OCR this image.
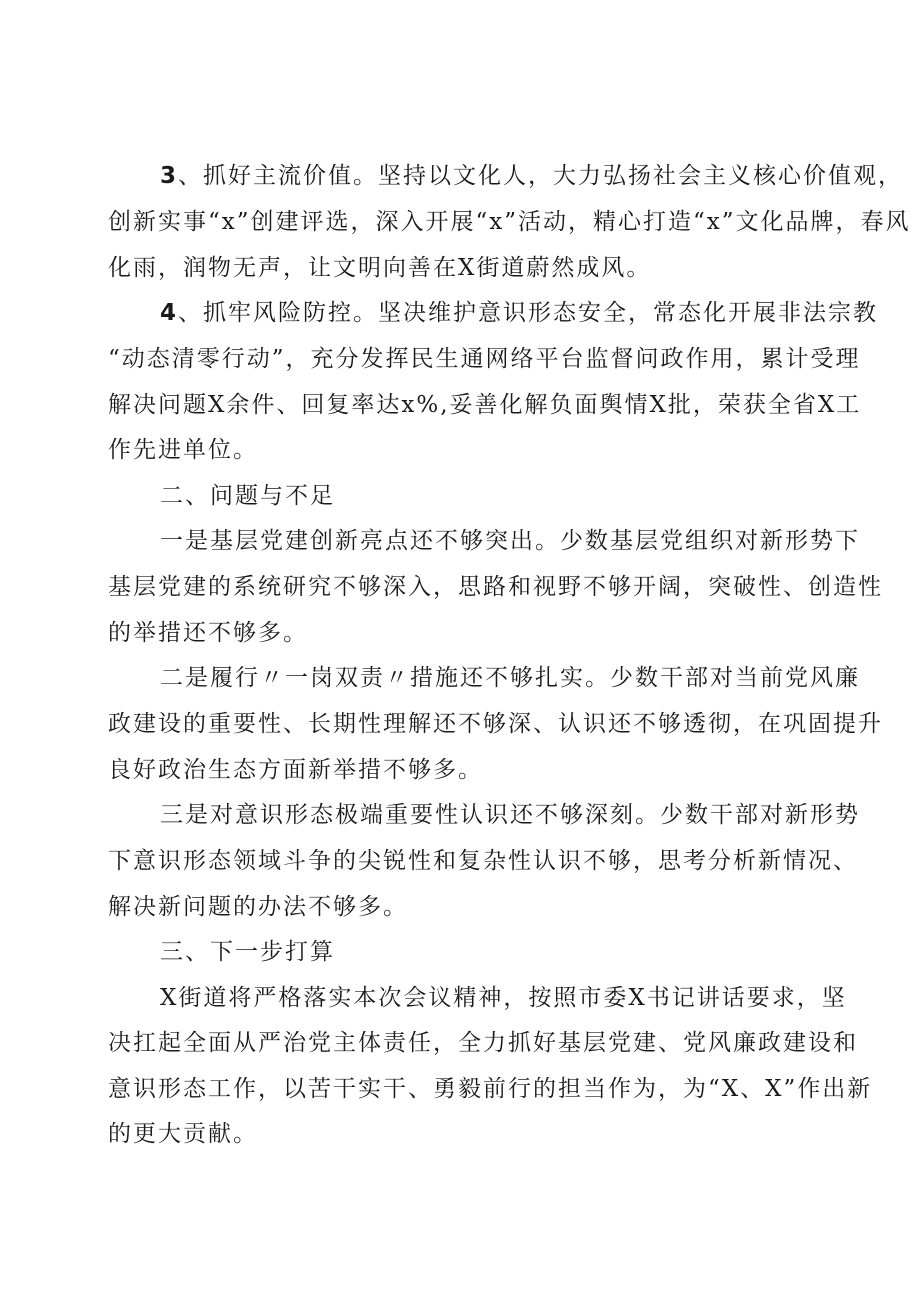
3、抓好主流价值。坚持以文化人，大力弘扬社会主义核心价值观，
创新实事“x”创建评选，深入开展“x”活动，精心打造“x”文化品牌，春风
化雨，润物无声，让文明向善在X街道蔚然成风。
4、抓牢风险防控。坚决维护意识形态安全，常态化开展非法宗教
“动态清零行动”，充分发挥民生通网络平台监督问政作用，累计受理
解决问题X余件、回复率达x%,妥善化解负面舆情X批，荣获全省X工
作先进单位。
二、问题与不足
一是基层党建创新亮点还不够突出。少数基层党组织对新形势下
基层党建的系统研究不够深入，思路和视野不够开阔，突破性、创造性
的举措还不够多。
二是履行〃一岗双责〃措施还不够扎实。少数干部对当前党风廉
政建设的重要性、长期性理解还不够深、认识还不够透彻，在巩固提升
良好政治生态方面新举措不够多。
三是对意识形态极端重要性认识还不够深刻。少数干部对新形势
下意识形态领域斗争的尖锐性和复杂性认识不够，思考分析新情况、
解决新问题的办法不够多。
三、下一步打算
X街道将严格落实本次会议精神，按照市委X书记讲话要求，坚
决扛起全面从严治党主体责任，全力抓好基层党建、党风廉政建设和
意识形态工作，以苦干实干、勇毅前行的担当作为，为“X、X”作出新
的更大贡献。
